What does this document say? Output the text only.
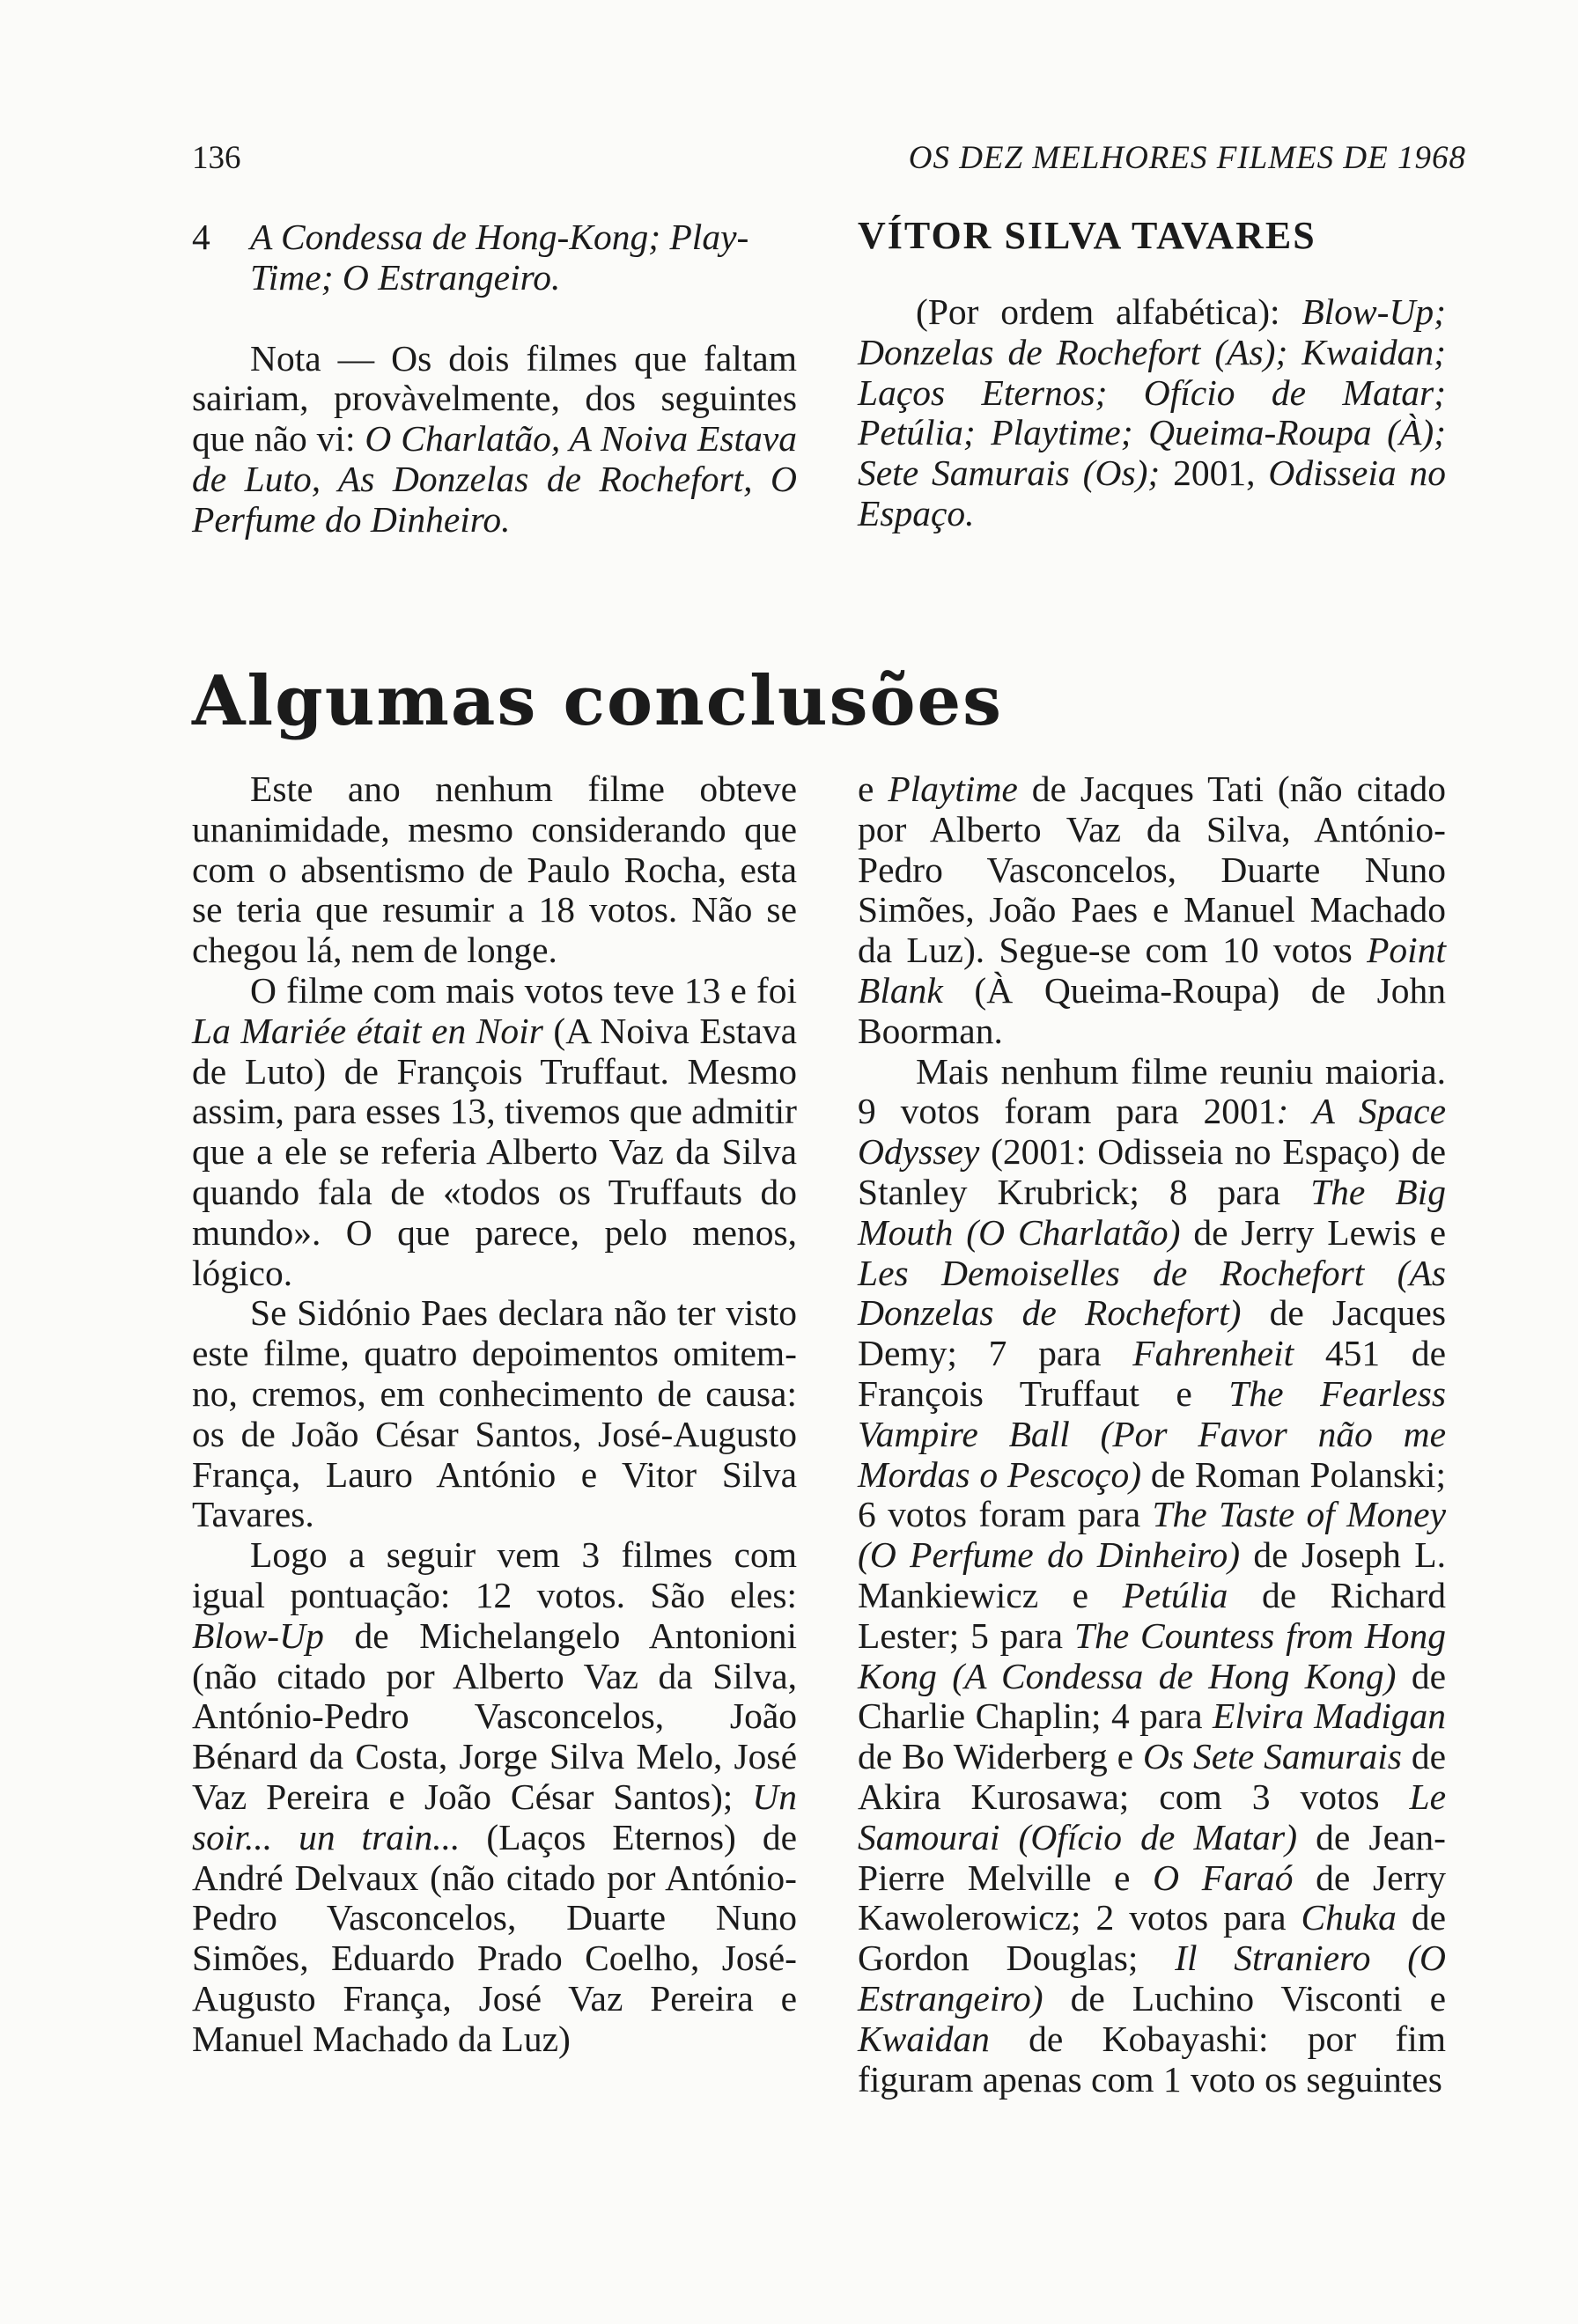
136	OS DEZ MELHORES FILMES DE 1968

4	A Condessa de Hong-Kong; Play-Time; O Estrangeiro.

Nota — Os dois filmes que faltam sairiam, provàvelmente, dos seguintes que não vi: O Charlatão, A Noiva Estava de Luto, As Donzelas de Rochefort, O Perfume do Dinheiro.

VÍTOR SILVA TAVARES

(Por ordem alfabética): Blow-Up; Donzelas de Rochefort (As); Kwaidan; Laços Eternos; Ofício de Matar; Petúlia; Playtime; Queima-Roupa (À); Sete Samurais (Os); 2001, Odisseia no Espaço.

Algumas conclusões

Este ano nenhum filme obteve unanimidade, mesmo considerando que com o absentismo de Paulo Rocha, esta se teria que resumir a 18 votos. Não se chegou lá, nem de longe.

O filme com mais votos teve 13 e foi La Mariée était en Noir (A Noiva Estava de Luto) de François Truffaut. Mesmo assim, para esses 13, tivemos que admitir que a ele se referia Alberto Vaz da Silva quando fala de «todos os Truffauts do mundo». O que parece, pelo menos, lógico.

Se Sidónio Paes declara não ter visto este filme, quatro depoimentos omitem-no, cremos, em conhecimento de causa: os de João César Santos, José-Augusto França, Lauro António e Vitor Silva Tavares.

Logo a seguir vem 3 filmes com igual pontuação: 12 votos. São eles: Blow-Up de Michelangelo Antonioni (não citado por Alberto Vaz da Silva, António-Pedro Vasconcelos, João Bénard da Costa, Jorge Silva Melo, José Vaz Pereira e João César Santos); Un soir... un train... (Laços Eternos) de André Delvaux (não citado por António-Pedro Vasconcelos, Duarte Nuno Simões, Eduardo Prado Coelho, José-Augusto França, José Vaz Pereira e Manuel Machado da Luz)

e Playtime de Jacques Tati (não citado por Alberto Vaz da Silva, António-Pedro Vasconcelos, Duarte Nuno Simões, João Paes e Manuel Machado da Luz). Segue-se com 10 votos Point Blank (À Queima-Roupa) de John Boorman.

Mais nenhum filme reuniu maioria. 9 votos foram para 2001: A Space Odyssey (2001: Odisseia no Espaço) de Stanley Krubrick; 8 para The Big Mouth (O Charlatão) de Jerry Lewis e Les Demoiselles de Rochefort (As Donzelas de Rochefort) de Jacques Demy; 7 para Fahrenheit 451 de François Truffaut e The Fearless Vampire Ball (Por Favor não me Mordas o Pescoço) de Roman Polanski; 6 votos foram para The Taste of Money (O Perfume do Dinheiro) de Joseph L. Mankiewicz e Petúlia de Richard Lester; 5 para The Countess from Hong Kong (A Condessa de Hong Kong) de Charlie Chaplin; 4 para Elvira Madigan de Bo Widerberg e Os Sete Samurais de Akira Kurosawa; com 3 votos Le Samourai (Ofício de Matar) de Jean-Pierre Melville e O Faraó de Jerry Kawolerowicz; 2 votos para Chuka de Gordon Douglas; Il Straniero (O Estrangeiro) de Luchino Visconti e Kwaidan de Kobayashi: por fim figuram apenas com 1 voto os seguintes
